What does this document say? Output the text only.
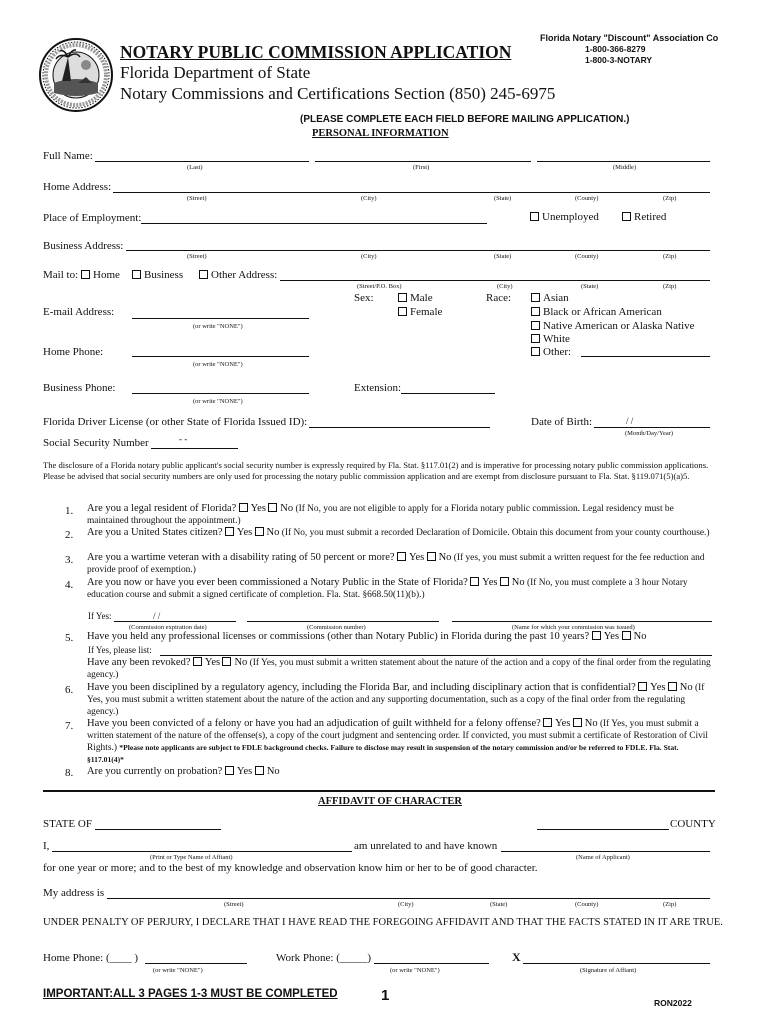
NOTARY PUBLIC COMMISSION APPLICATION
Florida Department of State
Notary Commissions and Certifications Section (850) 245-6975
Florida Notary "Discount" Association Co
1-800-366-8279
1-800-3-NOTARY
(PLEASE COMPLETE EACH FIELD BEFORE MAILING APPLICATION.)
PERSONAL INFORMATION
Full Name:
(Last)	(First)	(Middle)
Home Address:
(Street)	(City)	(State)	(County)	(Zip)
Place of Employment:	Unemployed	Retired
Business Address:
(Street)	(City)	(State)	(County)	(Zip)
Mail to:	Home	Business	Other Address:
(Street/P.O. Box)	(City)	(State)	(Zip)
Sex:	Male
Female
Race:	Asian
Black or African American
Native American or Alaska Native
White
Other:
E-mail Address:
(or write "NONE")
Home Phone:
(or write "NONE")
Business Phone:
(or write "NONE")
Extension:
Florida Driver License (or other State of Florida Issued ID):	Date of Birth:	/ /
(Month/Day/Year)
Social Security Number	- -
The disclosure of a Florida notary public applicant's social security number is expressly required by Fla. Stat. §117.01(2) and is imperative for processing notary public commission applications. Please be advised that social security numbers are only used for processing the notary public commission application and are exempt from disclosure pursuant to Fla. Stat. §119.071(5)(a)5.
1. Are you a legal resident of Florida? Yes No (If No, you are not eligible to apply for a Florida notary public commission. Legal residency must be maintained throughout the appointment.)
2. Are you a United States citizen? Yes No (If No, you must submit a recorded Declaration of Domicile. Obtain this document from your county courthouse.)
3. Are you a wartime veteran with a disability rating of 50 percent or more? Yes No (If yes, you must submit a written request for the fee reduction and provide proof of exemption.)
4. Are you now or have you ever been commissioned a Notary Public in the State of Florida? Yes No (If No, you must complete a 3 hour Notary education course and submit a signed certificate of completion. Fla. Stat. §668.50(11)(b).)
If Yes:	/ /
(Commission expiration date)	(Commission number)	(Name for which your commission was issued)
5. Have you held any professional licenses or commissions (other than Notary Public) in Florida during the past 10 years? Yes No
If Yes, please list:
Have any been revoked? Yes No (If Yes, you must submit a written statement about the nature of the action and a copy of the final order from the regulating agency.)
6. Have you been disciplined by a regulatory agency, including the Florida Bar, and including disciplinary action that is confidential? Yes No (If Yes, you must submit a written statement about the nature of the action and any supporting documentation, such as a copy of the final order from the regulating agency.)
7. Have you been convicted of a felony or have you had an adjudication of guilt withheld for a felony offense? Yes No (If Yes, you must submit a written statement of the nature of the offense(s), a copy of the court judgment and sentencing order. If convicted, you must submit a certificate of Restoration of Civil Rights.) *Please note applicants are subject to FDLE background checks. Failure to disclose may result in suspension of the notary commission and/or be referred to FDLE. Fla. Stat. §117.01(4)*
8. Are you currently on probation? Yes No
AFFIDAVIT OF CHARACTER
STATE OF	COUNTY
I,	am unrelated to and have known
(Print or Type Name of Affiant)	(Name of Applicant)
for one year or more; and to the best of my knowledge and observation know him or her to be of good character.
My address is
(Street)	(City)	(State)	(County)	(Zip)
UNDER PENALTY OF PERJURY, I DECLARE THAT I HAVE READ THE FOREGOING AFFIDAVIT AND THAT THE FACTS STATED IN IT ARE TRUE.
Home Phone: (____ )
(or write "NONE")
Work Phone: (_____)
(or write "NONE")
X
(Signature of Affiant)
IMPORTANT:ALL 3 PAGES 1-3 MUST BE COMPLETED	1	RON2022
